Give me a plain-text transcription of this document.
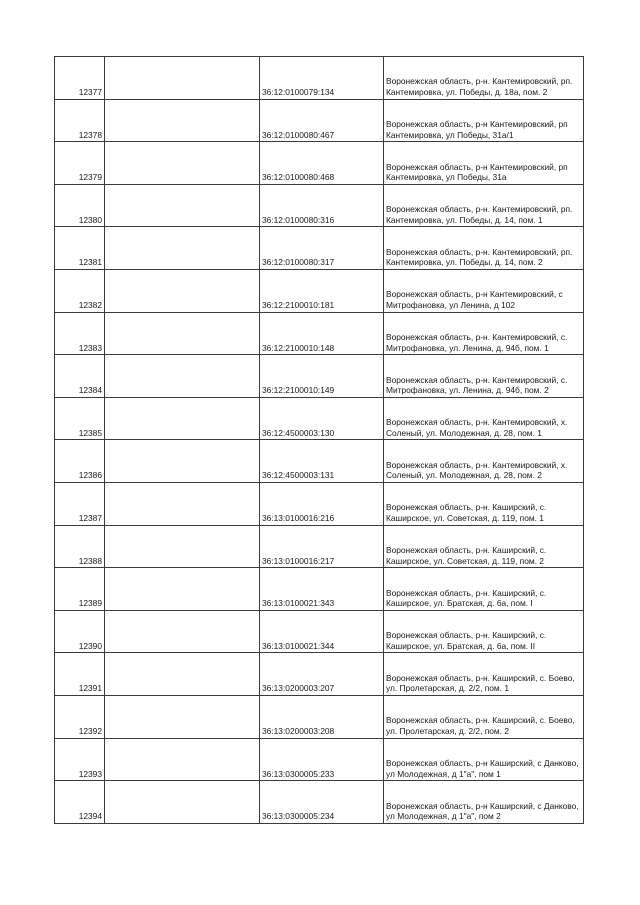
12377		36:12:0100079:134	Воронежская область, р-н. Кантемировский, рп. Кантемировка, ул. Победы, д. 18а, пом. 2
12378		36:12:0100080:467	Воронежская область, р-н Кантемировский, рп Кантемировка, ул Победы, 31а/1
12379		36:12:0100080:468	Воронежская область, р-н Кантемировский, рп Кантемировка, ул Победы, 31а
12380		36:12:0100080:316	Воронежская область, р-н. Кантемировский, рп. Кантемировка, ул. Победы, д. 14, пом. 1
12381		36:12:0100080:317	Воронежская область, р-н. Кантемировский, рп. Кантемировка, ул. Победы, д. 14, пом. 2
12382		36:12:2100010:181	Воронежская область, р-н Кантемировский, с Митрофановка, ул Ленина, д 102
12383		36:12:2100010:148	Воронежская область, р-н. Кантемировский, с. Митрофановка, ул. Ленина, д. 94б, пом. 1
12384		36:12:2100010:149	Воронежская область, р-н. Кантемировский, с. Митрофановка, ул. Ленина, д. 94б, пом. 2
12385		36:12:4500003:130	Воронежская область, р-н. Кантемировский, х. Соленый, ул. Молодежная, д. 28, пом. 1
12386		36:12:4500003:131	Воронежская область, р-н. Кантемировский, х. Соленый, ул. Молодежная, д. 28, пом. 2
12387		36:13:0100016:216	Воронежская область, р-н. Каширский, с. Каширское, ул. Советская, д. 119, пом. 1
12388		36:13:0100016:217	Воронежская область, р-н. Каширский, с. Каширское, ул. Советская, д. 119, пом. 2
12389		36:13:0100021:343	Воронежская область, р-н. Каширский, с. Каширское, ул. Братская, д. 6а, пом. I
12390		36:13:0100021:344	Воронежская область, р-н. Каширский, с. Каширское, ул. Братская, д. 6а, пом. II
12391		36:13:0200003:207	Воронежская область, р-н. Каширский, с. Боево, ул. Пролетарская, д. 2/2, пом. 1
12392		36:13:0200003:208	Воронежская область, р-н. Каширский, с. Боево, ул. Пролетарская, д. 2/2, пом. 2
12393		36:13:0300005:233	Воронежская область, р-н Каширский, с Данково, ул Молодежная, д 1"а", пом 1
12394		36:13:0300005:234	Воронежская область, р-н Каширский, с Данково, ул Молодежная, д 1"а", пом 2
